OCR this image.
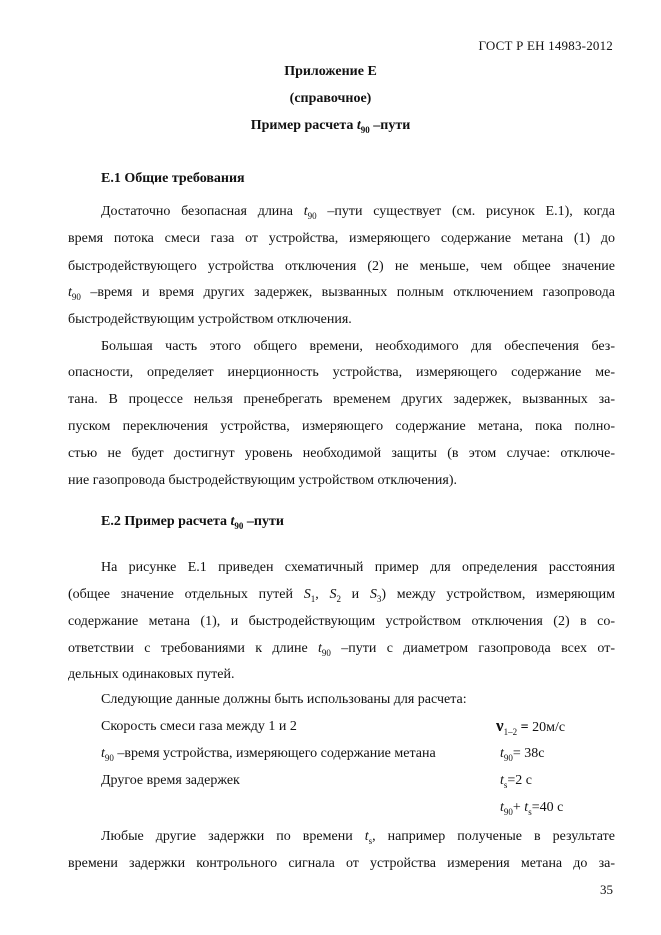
ГОСТ Р ЕН 14983-2012
Приложение Е
(справочное)
Пример расчета $t_{90}$ –пути
Е.1 Общие требования
Достаточно безопасная длина $t_{90}$ –пути существует (см. рисунок Е.1), когда
время потока смеси газа от устройства, измеряющего содержание метана (1) до
быстродействующего устройства отключения (2) не меньше, чем общее значение
$t_{90}$ –время и время других задержек, вызванных полным отключением газопровода
быстродействующим устройством отключения.
Большая часть этого общего времени, необходимого для обеспечения без-
опасности, определяет инерционность устройства, измеряющего содержание ме-
тана. В процессе нельзя пренебрегать временем других задержек, вызванных за-
пуском переключения устройства, измеряющего содержание метана, пока полно-
стью не будет достигнут уровень необходимой защиты (в этом случае: отключе-
ние газопровода быстродействующим устройством отключения).
Е.2 Пример расчета $t_{90}$ –пути
На рисунке Е.1 приведен схематичный пример для определения расстояния
(общее значение отдельных путей $S_1$, $S_2$ и $S_3$) между устройством, измеряющим
содержание метана (1), и быстродействующим устройством отключения (2) в со-
ответствии с требованиями к длине $t_{90}$ –пути с диаметром газопровода всех от-
дельных одинаковых путей.
Следующие данные должны быть использованы для расчета:
Скорость смеси газа между 1 и 2	$\nu_{1-2} = 20м/с$
$t_{90}$ –время устройства, измеряющего содержание метана	$t_{90}= 38с$
Другое время задержек	$t_s=2$ с
$t_{90}+ t_s=40$ с
Любые другие задержки по времени $t_s$, например полученые в результате
времени задержки контрольного сигнала от устройства измерения метана до за-
35
